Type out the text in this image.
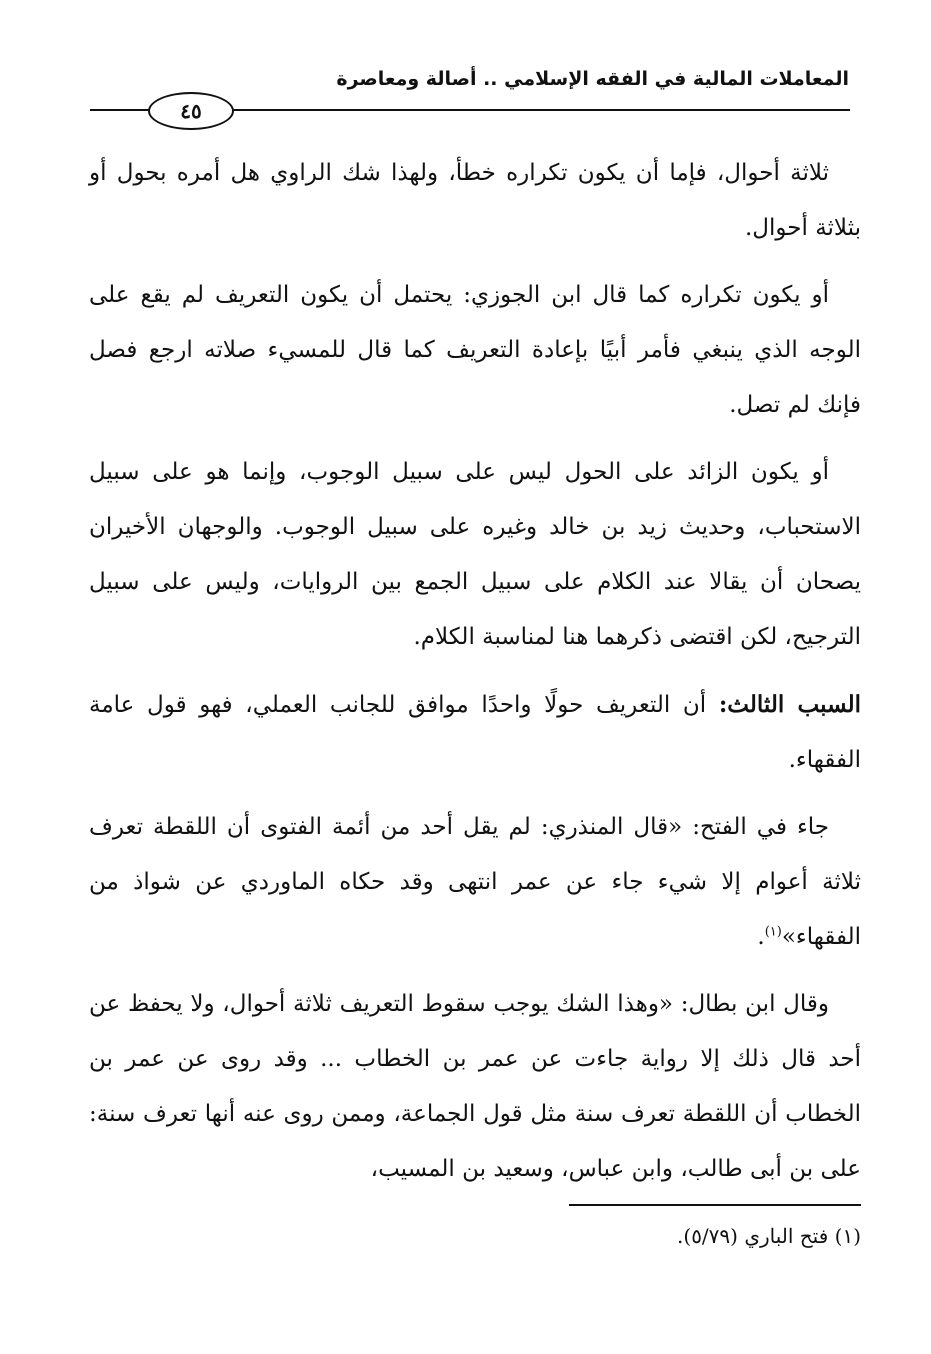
المعاملات المالية في الفقه الإسلامي .. أصالة ومعاصرة
٤٥

ثلاثة أحوال، فإما أن يكون تكراره خطأ، ولهذا شك الراوي هل أمره بحول أو بثلاثة أحوال.

أو يكون تكراره كما قال ابن الجوزي: يحتمل أن يكون التعريف لم يقع على الوجه الذي ينبغي فأمر أبيًا بإعادة التعريف كما قال للمسيء صلاته ارجع فصل فإنك لم تصل.

أو يكون الزائد على الحول ليس على سبيل الوجوب، وإنما هو على سبيل الاستحباب، وحديث زيد بن خالد وغيره على سبيل الوجوب. والوجهان الأخيران يصحان أن يقالا عند الكلام على سبيل الجمع بين الروايات، وليس على سبيل الترجيح، لكن اقتضى ذكرهما هنا لمناسبة الكلام.

السبب الثالث: أن التعريف حولًا واحدًا موافق للجانب العملي، فهو قول عامة الفقهاء.

جاء في الفتح: «قال المنذري: لم يقل أحد من أئمة الفتوى أن اللقطة تعرف ثلاثة أعوام إلا شيء جاء عن عمر انتهى وقد حكاه الماوردي عن شواذ من الفقهاء»$^{(١)}$.

وقال ابن بطال: «وهذا الشك يوجب سقوط التعريف ثلاثة أحوال، ولا يحفظ عن أحد قال ذلك إلا رواية جاءت عن عمر بن الخطاب ... وقد روى عن عمر بن الخطاب أن اللقطة تعرف سنة مثل قول الجماعة، وممن روى عنه أنها تعرف سنة: على بن أبى طالب، وابن عباس، وسعيد بن المسيب،

(١) فتح الباري (٥/٧٩).
